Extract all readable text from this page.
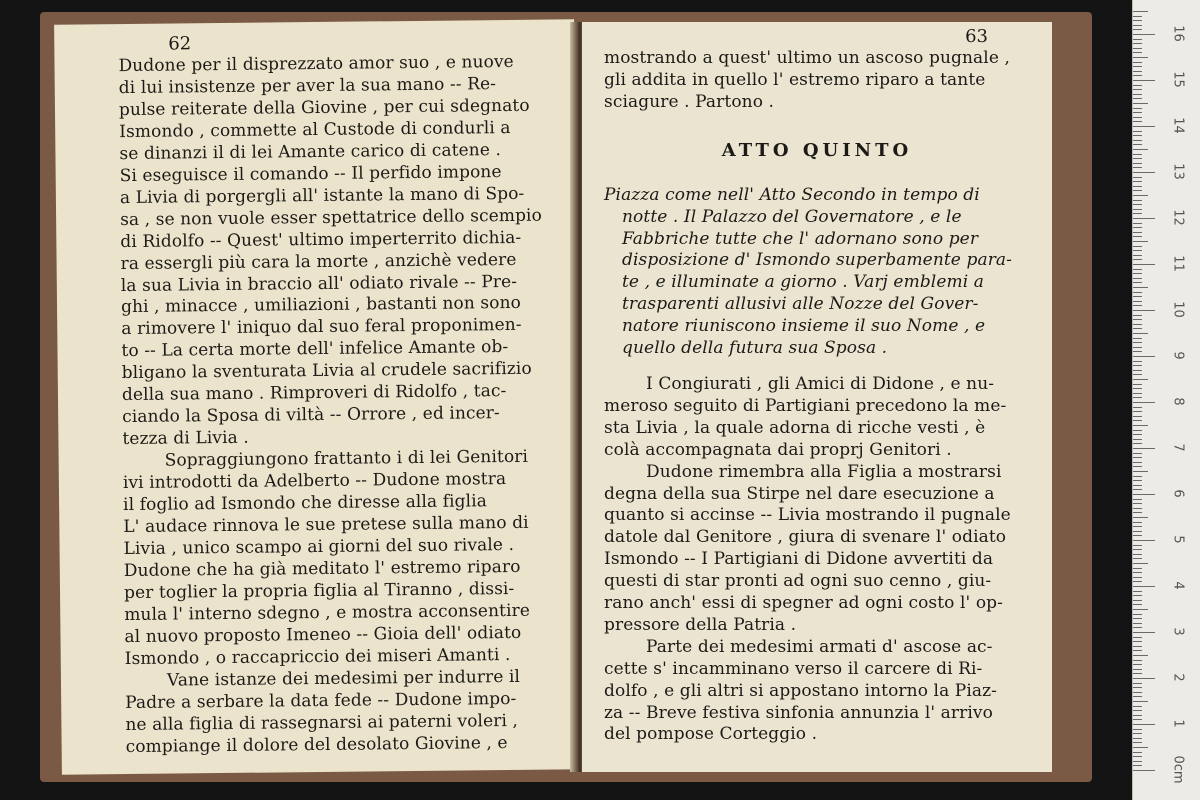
62
Dudone per il disprezzato amor suo , e nuove
di lui insistenze per aver la sua mano -- Re-
pulse reiterate della Giovine , per cui sdegnato
Ismondo , commette al Custode di condurli a
se dinanzi il di lei Amante carico di catene .
Si eseguisce il comando -- Il perfido impone
a Livia di porgergli all' istante la mano di Spo-
sa , se non vuole esser spettatrice dello scempio
di Ridolfo -- Quest' ultimo imperterrito dichia-
ra essergli più cara la morte , anzichè vedere
la sua Livia in braccio all' odiato rivale -- Pre-
ghi , minacce , umiliazioni , bastanti non sono
a rimovere l' iniquo dal suo feral proponimen-
to -- La certa morte dell' infelice Amante ob-
bligano la sventurata Livia al crudele sacrifizio
della sua mano . Rimproveri di Ridolfo , tac-
ciando la Sposa di viltà -- Orrore , ed incer-
tezza di Livia .
Sopraggiungono frattanto i di lei Genitori
ivi introdotti da Adelberto -- Dudone mostra
il foglio ad Ismondo che diresse alla figlia
L' audace rinnova le sue pretese sulla mano di
Livia , unico scampo ai giorni del suo rivale .
Dudone che ha già meditato l' estremo riparo
per toglier la propria figlia al Tiranno , dissi-
mula l' interno sdegno , e mostra acconsentire
al nuovo proposto Imeneo -- Gioia dell' odiato
Ismondo , o raccapriccio dei miseri Amanti .
Vane istanze dei medesimi per indurre il
Padre a serbare la data fede -- Dudone impo-
ne alla figlia di rassegnarsi ai paterni voleri ,
compiange il dolore del desolato Giovine , e
63
mostrando a quest' ultimo un ascoso pugnale ,
gli addita in quello l' estremo riparo a tante
sciagure . Partono .
ATTO QUINTO
Piazza come nell' Atto Secondo in tempo di
notte . Il Palazzo del Governatore , e le
Fabbriche tutte che l' adornano sono per
disposizione d' Ismondo superbamente para-
te , e illuminate a giorno . Varj emblemi a
trasparenti allusivi alle Nozze del Gover-
natore riuniscono insieme il suo Nome , e
quello della futura sua Sposa .
I Congiurati , gli Amici di Didone , e nu-
meroso seguito di Partigiani precedono la me-
sta Livia , la quale adorna di ricche vesti , è
colà accompagnata dai proprj Genitori .
Dudone rimembra alla Figlia a mostrarsi
degna della sua Stirpe nel dare esecuzione a
quanto si accinse -- Livia mostrando il pugnale
datole dal Genitore , giura di svenare l' odiato
Ismondo -- I Partigiani di Didone avvertiti da
questi di star pronti ad ogni suo cenno , giu-
rano anch' essi di spegner ad ogni costo l' op-
pressore della Patria .
Parte dei medesimi armati d' ascose ac-
cette s' incamminano verso il carcere di Ri-
dolfo , e gli altri si appostano intorno la Piaz-
za -- Breve festiva sinfonia annunzia l' arrivo
del pompose Corteggio .
16
15
14
13
12
11
10
9
8
7
6
5
4
3
2
1
0cm
